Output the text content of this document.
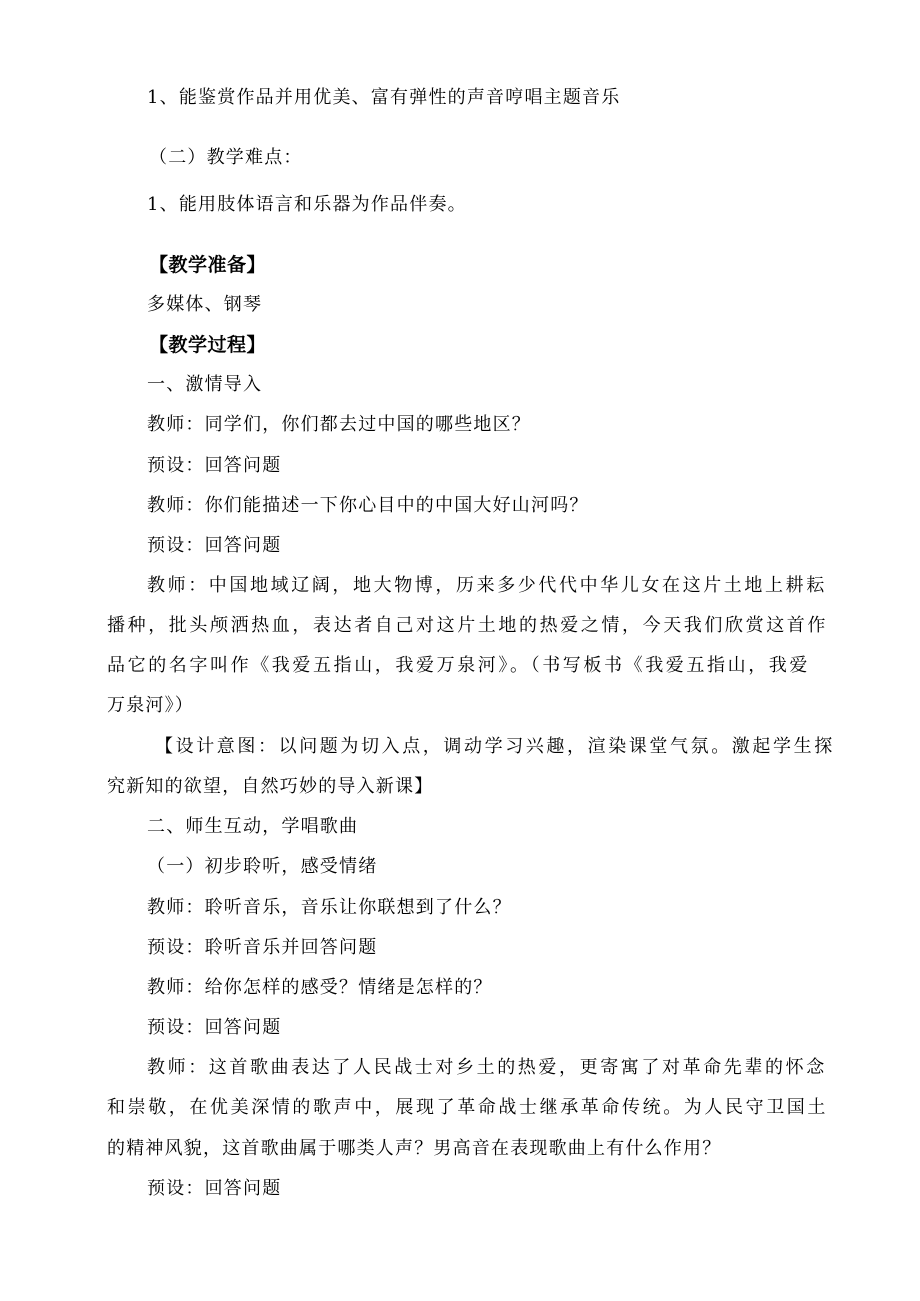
1、能鉴赏作品并用优美、富有弹性的声音哼唱主题音乐
（二）教学难点：
1、能用肢体语言和乐器为作品伴奏。
【教学准备】
多媒体、钢琴
【教学过程】
一、激情导入
教师：同学们，你们都去过中国的哪些地区？
预设：回答问题
教师：你们能描述一下你心目中的中国大好山河吗？
预设：回答问题
教师：中国地域辽阔，地大物博，历来多少代代中华儿女在这片土地上耕耘
播种，批头颅洒热血，表达者自己对这片土地的热爱之情，今天我们欣赏这首作
品它的名字叫作《我爱五指山，我爱万泉河》。（书写板书《我爱五指山，我爱
万泉河》）
【设计意图：以问题为切入点，调动学习兴趣，渲染课堂气氛。激起学生探
究新知的欲望，自然巧妙的导入新课】
二、师生互动，学唱歌曲
（一）初步聆听，感受情绪
教师：聆听音乐，音乐让你联想到了什么？
预设：聆听音乐并回答问题
教师：给你怎样的感受？情绪是怎样的？
预设：回答问题
教师：这首歌曲表达了人民战士对乡土的热爱，更寄寓了对革命先辈的怀念
和崇敬，在优美深情的歌声中，展现了革命战士继承革命传统。为人民守卫国土
的精神风貌，这首歌曲属于哪类人声？男高音在表现歌曲上有什么作用？
预设：回答问题
